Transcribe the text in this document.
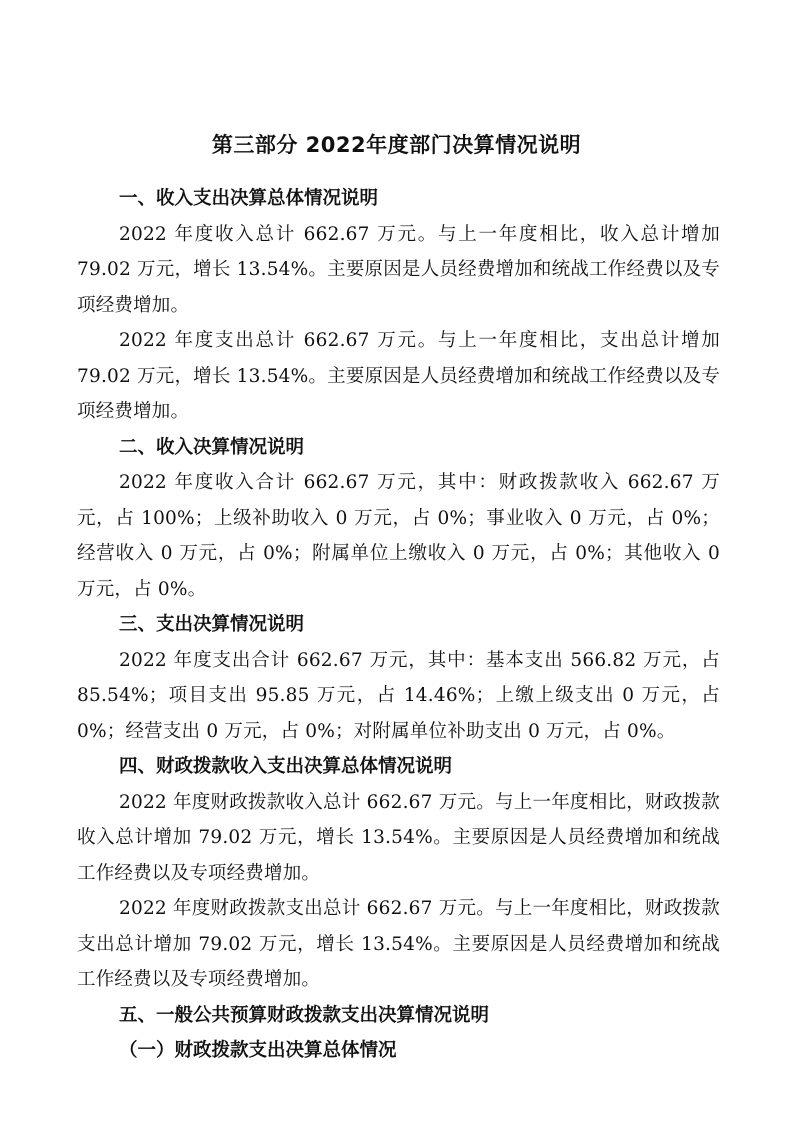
第三部分 2022年度部门决算情况说明

一、收入支出决算总体情况说明

2022 年度收入总计 662.67 万元。与上一年度相比，收入总计增加 79.02 万元，增长 13.54%。主要原因是人员经费增加和统战工作经费以及专项经费增加。

2022 年度支出总计 662.67 万元。与上一年度相比，支出总计增加 79.02 万元，增长 13.54%。主要原因是人员经费增加和统战工作经费以及专项经费增加。

二、收入决算情况说明

2022 年度收入合计 662.67 万元，其中：财政拨款收入 662.67 万元，占 100%；上级补助收入 0 万元，占 0%；事业收入 0 万元，占 0%；经营收入 0 万元，占 0%；附属单位上缴收入 0 万元，占 0%；其他收入 0 万元，占 0%。

三、支出决算情况说明

2022 年度支出合计 662.67 万元，其中：基本支出 566.82 万元，占 85.54%；项目支出 95.85 万元，占 14.46%；上缴上级支出 0 万元，占 0%；经营支出 0 万元，占 0%；对附属单位补助支出 0 万元，占 0%。

四、财政拨款收入支出决算总体情况说明

2022 年度财政拨款收入总计 662.67 万元。与上一年度相比，财政拨款收入总计增加 79.02 万元，增长 13.54%。主要原因是人员经费增加和统战工作经费以及专项经费增加。

2022 年度财政拨款支出总计 662.67 万元。与上一年度相比，财政拨款支出总计增加 79.02 万元，增长 13.54%。主要原因是人员经费增加和统战工作经费以及专项经费增加。

五、一般公共预算财政拨款支出决算情况说明

（一）财政拨款支出决算总体情况
